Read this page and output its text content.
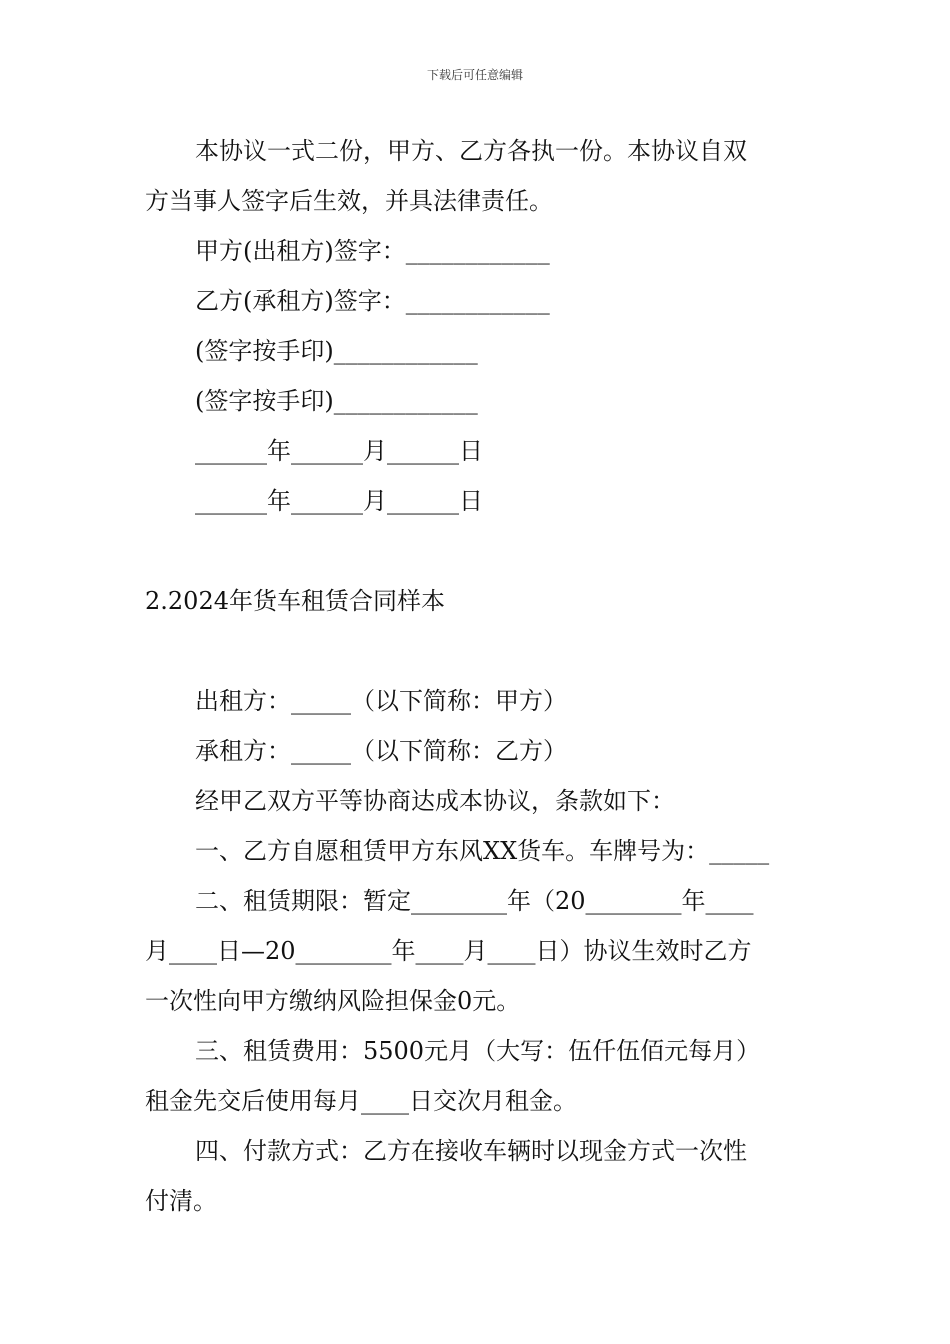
下载后可任意编辑
本协议一式二份，甲方、乙方各执一份。本协议自双
方当事人签字后生效，并具法律责任。
甲方(出租方)签字：____________
乙方(承租方)签字：____________
(签字按手印)____________
(签字按手印)____________
______年______月______日
______年______月______日
2.2024年货车租赁合同样本
出租方：_____（以下简称：甲方）
承租方：_____（以下简称：乙方）
经甲乙双方平等协商达成本协议，条款如下：
一、乙方自愿租赁甲方东风XX货车。车牌号为：_____
二、租赁期限：暂定________年（20________年____
月____日—20________年____月____日）协议生效时乙方
一次性向甲方缴纳风险担保金0元。
三、租赁费用：5500元月（大写：伍仟伍佰元每月）
租金先交后使用每月____日交次月租金。
四、付款方式：乙方在接收车辆时以现金方式一次性
付清。
